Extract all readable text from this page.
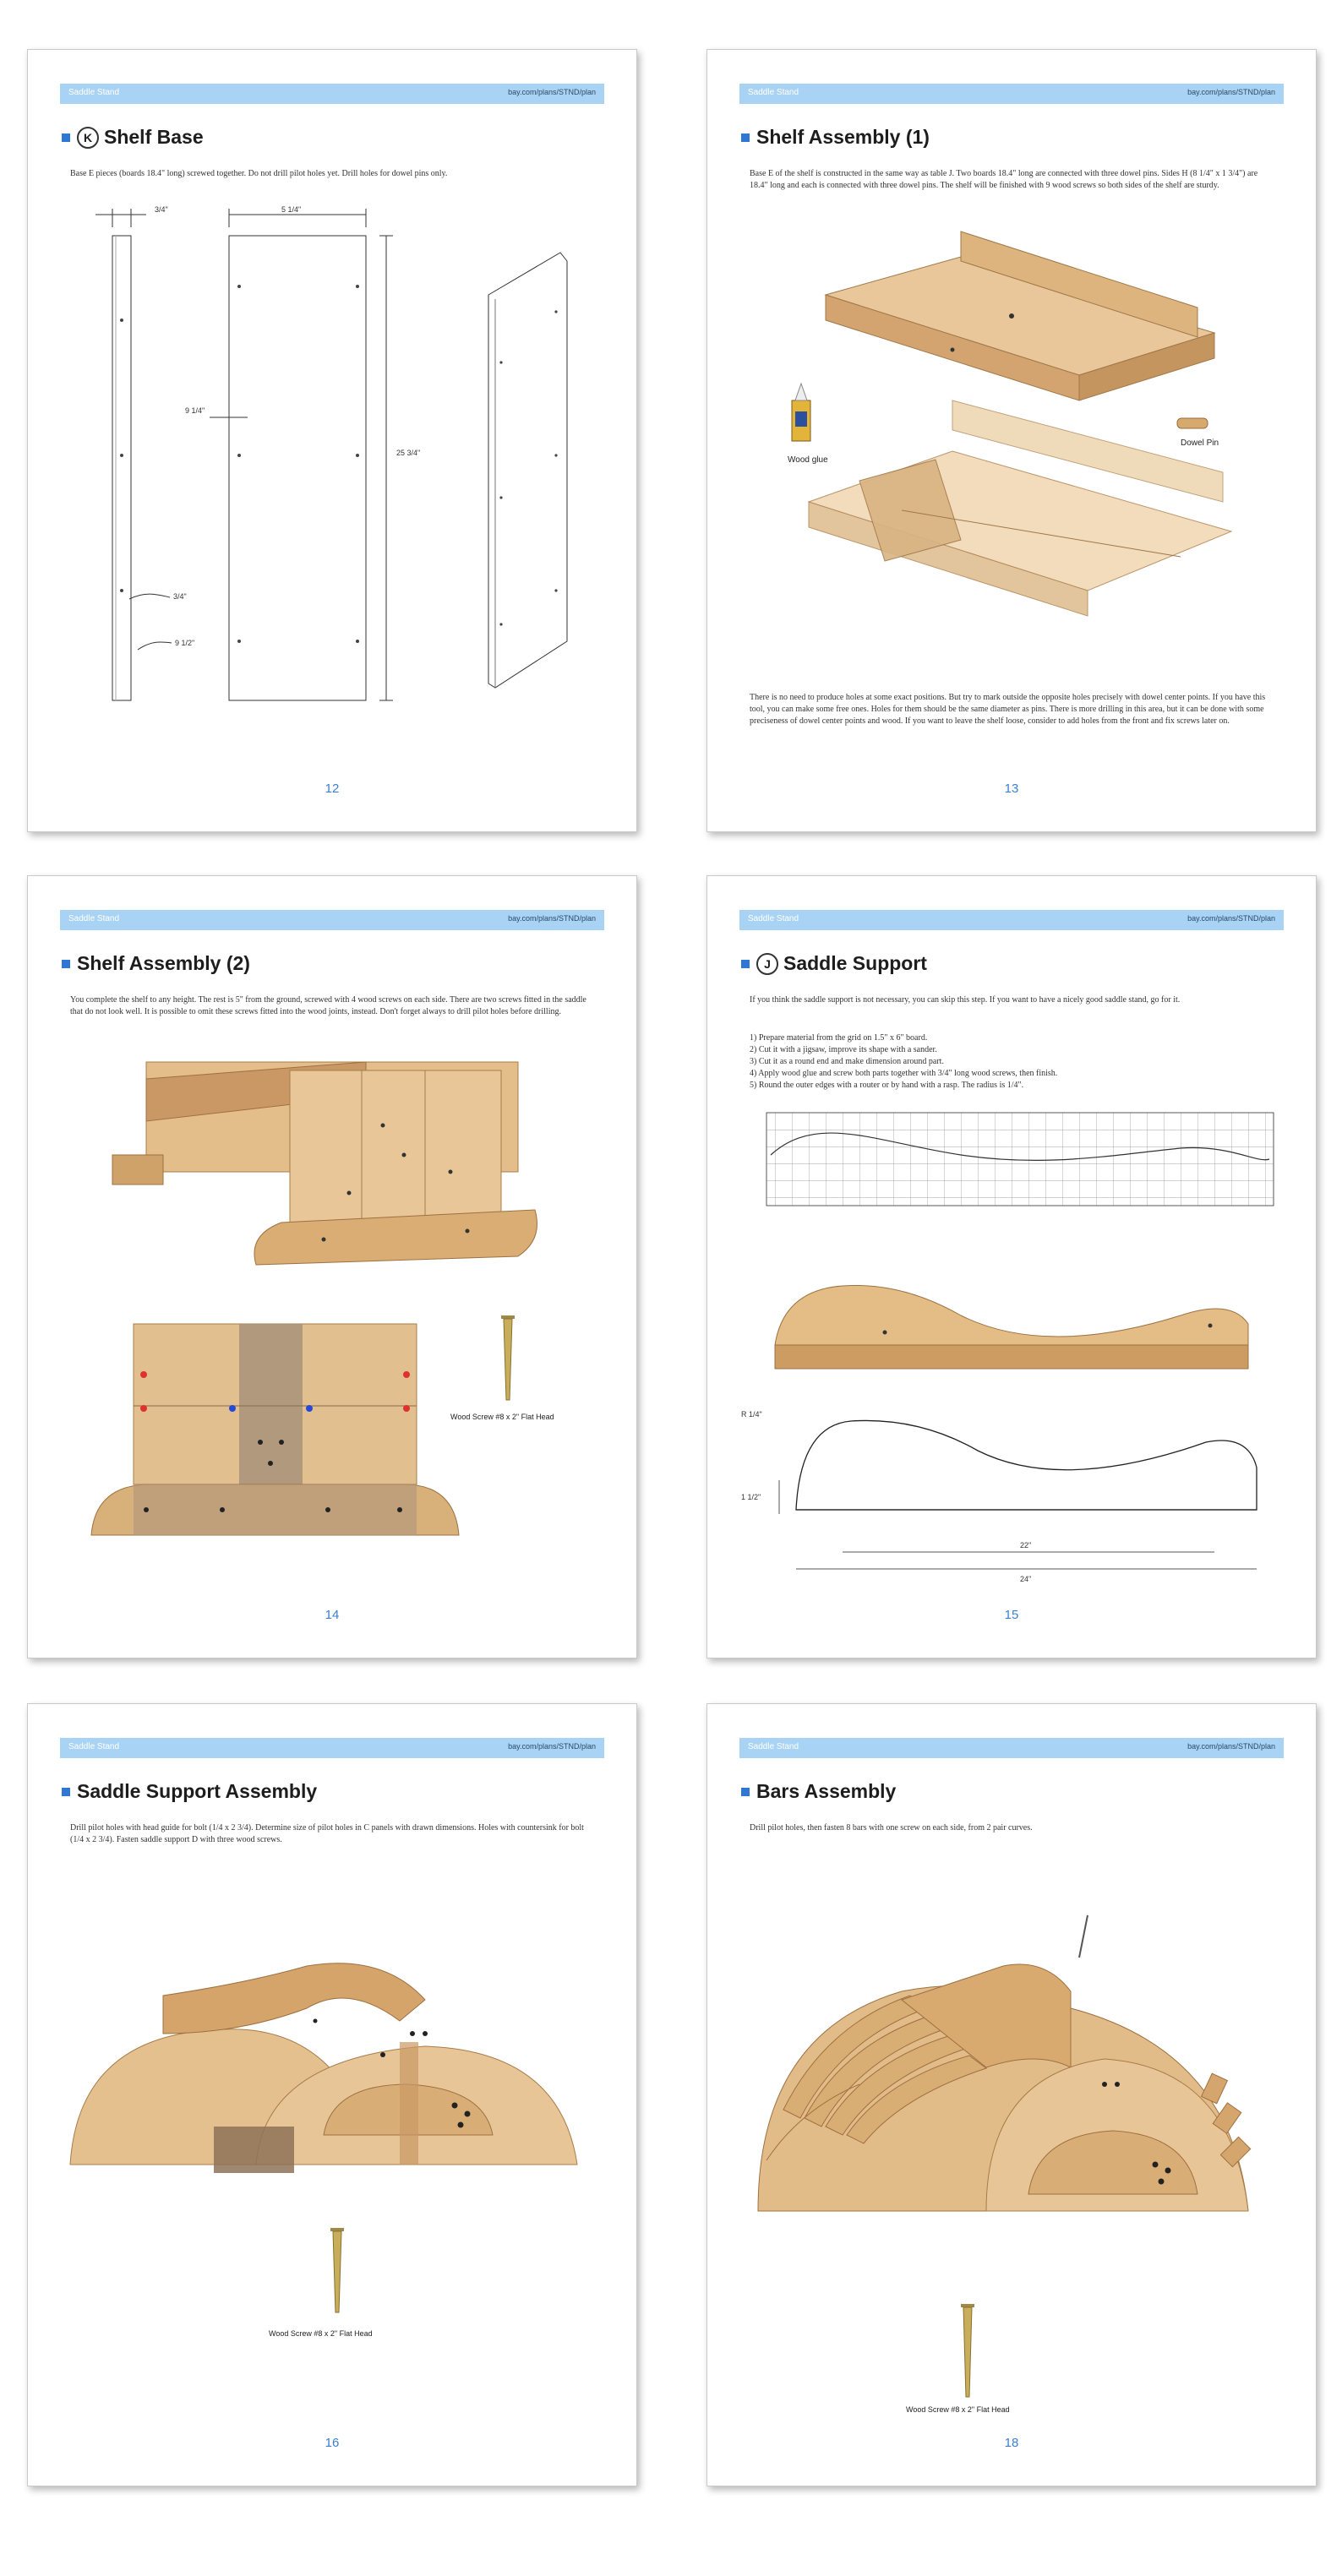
Saddle Stand	bay.com/plans/STND/plan
K Shelf Base
Base E pieces (boards 18.4" long) screwed together. Do not drill pilot holes yet. Drill holes for dowel pins only.
3/4"	5 1/4"
9 1/4"
25 3/4"
3/4"
9 1/2"
12
Saddle Stand	bay.com/plans/STND/plan
Shelf Assembly (1)
Base E of the shelf is constructed in the same way as table J. Two boards 18.4" long are connected with three dowel pins. Sides H (8 1/4" x 1 3/4") are 18.4" long and each is connected with three dowel pins. The shelf will be finished with 9 wood screws so both sides of the shelf are sturdy.
Wood glue
Dowel Pin
There is no need to produce holes at some exact positions. But try to mark outside the opposite holes precisely with dowel center points. If you have this tool, you can make some free ones. Holes for them should be the same diameter as pins. There is more drilling in this area, but it can be done with some preciseness of dowel center points and wood. If you want to leave the shelf loose, consider to add holes from the front and fix screws later on.
13
Saddle Stand	bay.com/plans/STND/plan
Shelf Assembly (2)
You complete the shelf to any height. The rest is 5" from the ground, screwed with 4 wood screws on each side. There are two screws fitted in the saddle that do not look well. It is possible to omit these screws fitted into the wood joints, instead. Don't forget always to drill pilot holes before drilling.
Wood Screw #8 x 2" Flat Head
14
Saddle Stand	bay.com/plans/STND/plan
J Saddle Support
If you think the saddle support is not necessary, you can skip this step. If you want to have a nicely good saddle stand, go for it.
1) Prepare material from the grid on 1.5" x 6" board.
2) Cut it with a jigsaw, improve its shape with a sander.
3) Cut it as a round end and make dimension around part.
4) Apply wood glue and screw both parts together with 3/4" long wood screws, then finish.
5) Round the outer edges with a router or by hand with a rasp. The radius is 1/4".
R 1/4"
1 1/2"
22"
24"
15
Saddle Stand	bay.com/plans/STND/plan
Saddle Support Assembly
Drill pilot holes with head guide for bolt (1/4 x 2 3/4). Determine size of pilot holes in C panels with drawn dimensions. Holes with countersink for bolt (1/4 x 2 3/4). Fasten saddle support D with three wood screws.
Wood Screw #8 x 2" Flat Head
16
Saddle Stand	bay.com/plans/STND/plan
Bars Assembly
Drill pilot holes, then fasten 8 bars with one screw on each side, from 2 pair curves.
Wood Screw #8 x 2" Flat Head
18
